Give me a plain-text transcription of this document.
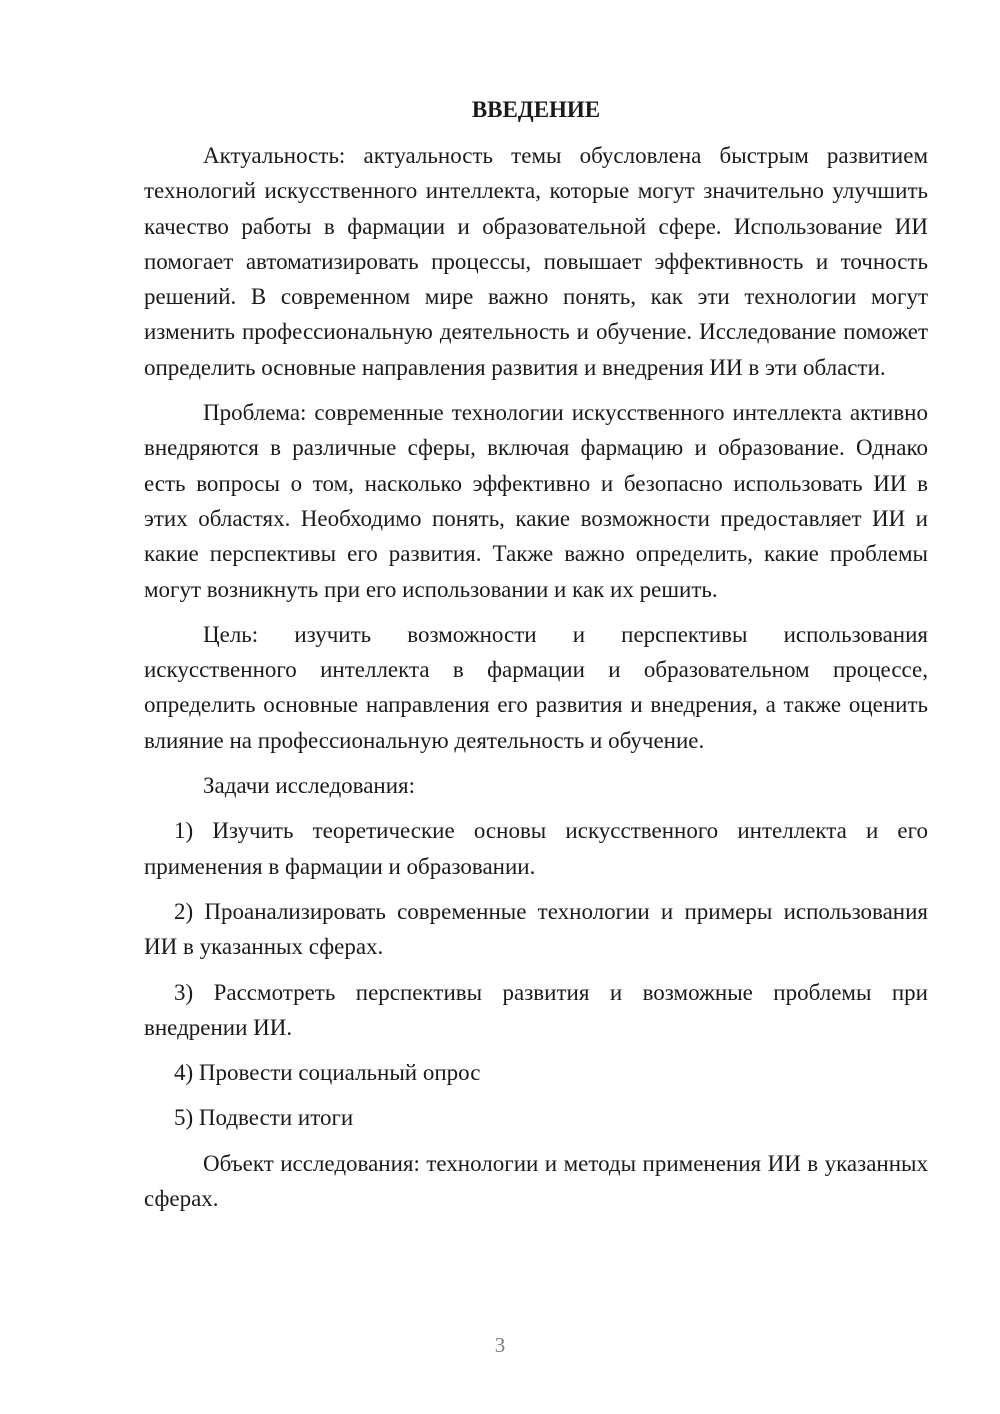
ВВЕДЕНИЕ

Актуальность: актуальность темы обусловлена быстрым развитием технологий искусственного интеллекта, которые могут значительно улучшить качество работы в фармации и образовательной сфере. Использование ИИ помогает автоматизировать процессы, повышает эффективность и точность решений. В современном мире важно понять, как эти технологии могут изменить профессиональную деятельность и обучение. Исследование поможет определить основные направления развития и внедрения ИИ в эти области.

Проблема: современные технологии искусственного интеллекта активно внедряются в различные сферы, включая фармацию и образование. Однако есть вопросы о том, насколько эффективно и безопасно использовать ИИ в этих областях. Необходимо понять, какие возможности предоставляет ИИ и какие перспективы его развития. Также важно определить, какие проблемы могут возникнуть при его использовании и как их решить.

Цель: изучить возможности и перспективы использования искусственного интеллекта в фармации и образовательном процессе, определить основные направления его развития и внедрения, а также оценить влияние на профессиональную деятельность и обучение.

Задачи исследования:

1) Изучить теоретические основы искусственного интеллекта и его применения в фармации и образовании.

2) Проанализировать современные технологии и примеры использования ИИ в указанных сферах.

3) Рассмотреть перспективы развития и возможные проблемы при внедрении ИИ.

4) Провести социальный опрос

5) Подвести итоги

Объект исследования: технологии и методы применения ИИ в указанных сферах.

3
